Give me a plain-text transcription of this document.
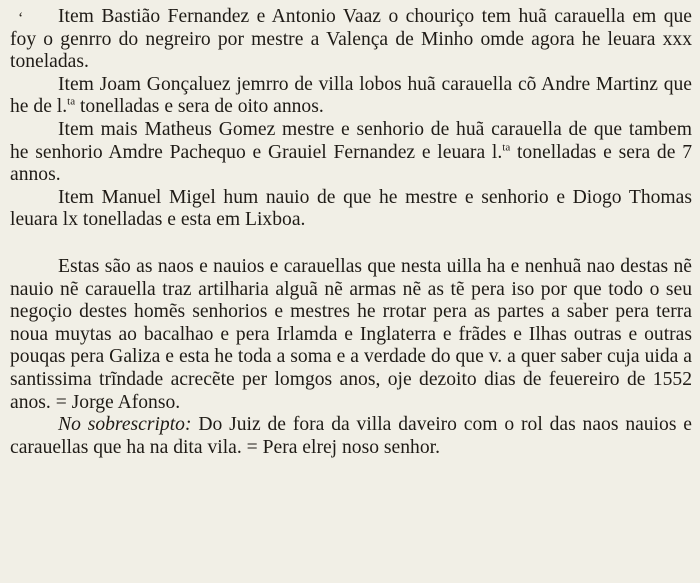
ʻ	Item Bastião Fernandez e Antonio Vaaz o chouriço tem huã carauella em que foy o genrro do negreiro por mestre a Valença de Minho omde agora he leuara xxx toneladas.

Item Joam Gonçaluez jemrro de villa lobos huã carauella cõ Andre Martinz que he de l.$^{ta}$ tonelladas e sera de oito annos.

Item mais Matheus Gomez mestre e senhorio de huã carauella de que tambem he senhorio Amdre Pachequo e Grauiel Fernandez e leuara l.$^{ta}$ tonelladas e sera de 7 annos.

Item Manuel Migel hum nauio de que he mestre e senhorio e Diogo Thomas leuara lx tonelladas e esta em Lixboa.

Estas são as naos e nauios e carauellas que nesta uilla ha e nenhuã nao destas nẽ nauio nẽ carauella traz artilharia alguã nẽ armas nẽ as tẽ pera iso por que todo o seu negoçio destes homẽs senhorios e mestres he rrotar pera as partes a saber pera terra noua muytas ao bacalhao e pera Irlamda e Inglaterra e frãdes e Ilhas outras e outras pouqas pera Galiza e esta he toda a soma e a verdade do que v. a quer saber cuja uida a santissima trĩndade acrecẽte per lomgos anos, oje dezoito dias de feuereiro de 1552 anos. = Jorge Afonso.

No sobrescripto: Do Juiz de fora da villa daveiro com o rol das naos nauios e carauellas que ha na dita vila. = Pera elrej noso senhor.
